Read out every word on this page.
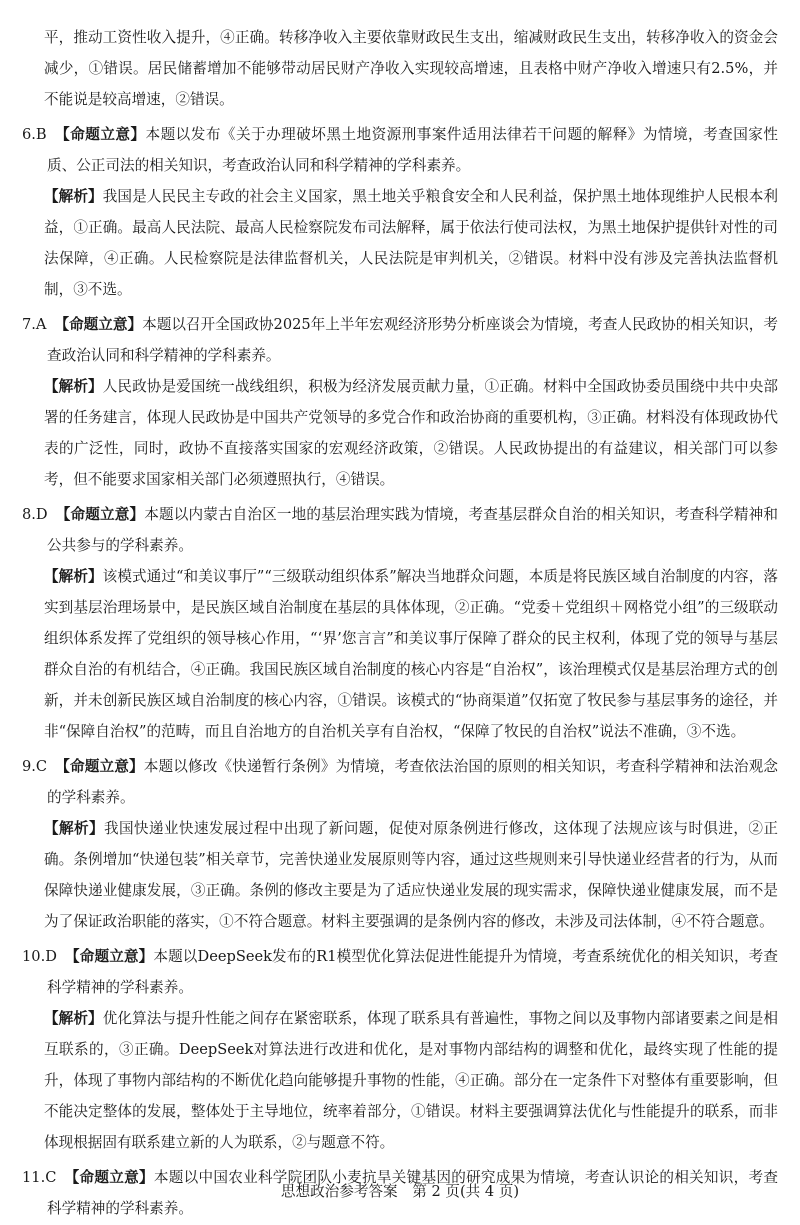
平，推动工资性收入提升，④正确。转移净收入主要依靠财政民生支出，缩减财政民生支出，转移净收入的资金会减少，①错误。居民储蓄增加不能够带动居民财产净收入实现较高增速，且表格中财产净收入增速只有2.5%，并不能说是较高增速，②错误。

6.B 【命题立意】本题以发布《关于办理破坏黑土地资源刑事案件适用法律若干问题的解释》为情境，考查国家性质、公正司法的相关知识，考查政治认同和科学精神的学科素养。

【解析】我国是人民民主专政的社会主义国家，黑土地关乎粮食安全和人民利益，保护黑土地体现维护人民根本利益，①正确。最高人民法院、最高人民检察院发布司法解释，属于依法行使司法权，为黑土地保护提供针对性的司法保障，④正确。人民检察院是法律监督机关，人民法院是审判机关，②错误。材料中没有涉及完善执法监督机制，③不选。

7.A 【命题立意】本题以召开全国政协2025年上半年宏观经济形势分析座谈会为情境，考查人民政协的相关知识，考查政治认同和科学精神的学科素养。

【解析】人民政协是爱国统一战线组织，积极为经济发展贡献力量，①正确。材料中全国政协委员围绕中共中央部署的任务建言，体现人民政协是中国共产党领导的多党合作和政治协商的重要机构，③正确。材料没有体现政协代表的广泛性，同时，政协不直接落实国家的宏观经济政策，②错误。人民政协提出的有益建议，相关部门可以参考，但不能要求国家相关部门必须遵照执行，④错误。

8.D 【命题立意】本题以内蒙古自治区一地的基层治理实践为情境，考查基层群众自治的相关知识，考查科学精神和公共参与的学科素养。

【解析】该模式通过“和美议事厅”“三级联动组织体系”解决当地群众问题，本质是将民族区域自治制度的内容，落实到基层治理场景中，是民族区域自治制度在基层的具体体现，②正确。“党委＋党组织＋网格党小组”的三级联动组织体系发挥了党组织的领导核心作用，“‘界’您言言”和美议事厅保障了群众的民主权利，体现了党的领导与基层群众自治的有机结合，④正确。我国民族区域自治制度的核心内容是“自治权”，该治理模式仅是基层治理方式的创新，并未创新民族区域自治制度的核心内容，①错误。该模式的“协商渠道”仅拓宽了牧民参与基层事务的途径，并非“保障自治权”的范畴，而且自治地方的自治机关享有自治权，“保障了牧民的自治权”说法不准确，③不选。

9.C 【命题立意】本题以修改《快递暂行条例》为情境，考查依法治国的原则的相关知识，考查科学精神和法治观念的学科素养。

【解析】我国快递业快速发展过程中出现了新问题，促使对原条例进行修改，这体现了法规应该与时俱进，②正确。条例增加“快递包装”相关章节，完善快递业发展原则等内容，通过这些规则来引导快递业经营者的行为，从而保障快递业健康发展，③正确。条例的修改主要是为了适应快递业发展的现实需求，保障快递业健康发展，而不是为了保证政治职能的落实，①不符合题意。材料主要强调的是条例内容的修改，未涉及司法体制，④不符合题意。

10.D 【命题立意】本题以DeepSeek发布的R1模型优化算法促进性能提升为情境，考查系统优化的相关知识，考查科学精神的学科素养。

【解析】优化算法与提升性能之间存在紧密联系，体现了联系具有普遍性，事物之间以及事物内部诸要素之间是相互联系的，③正确。DeepSeek对算法进行改进和优化，是对事物内部结构的调整和优化，最终实现了性能的提升，体现了事物内部结构的不断优化趋向能够提升事物的性能，④正确。部分在一定条件下对整体有重要影响，但不能决定整体的发展，整体处于主导地位，统率着部分，①错误。材料主要强调算法优化与性能提升的联系，而非体现根据固有联系建立新的人为联系，②与题意不符。

11.C 【命题立意】本题以中国农业科学院团队小麦抗旱关键基因的研究成果为情境，考查认识论的相关知识，考查科学精神的学科素养。

思想政治参考答案　第 2 页(共 4 页)
